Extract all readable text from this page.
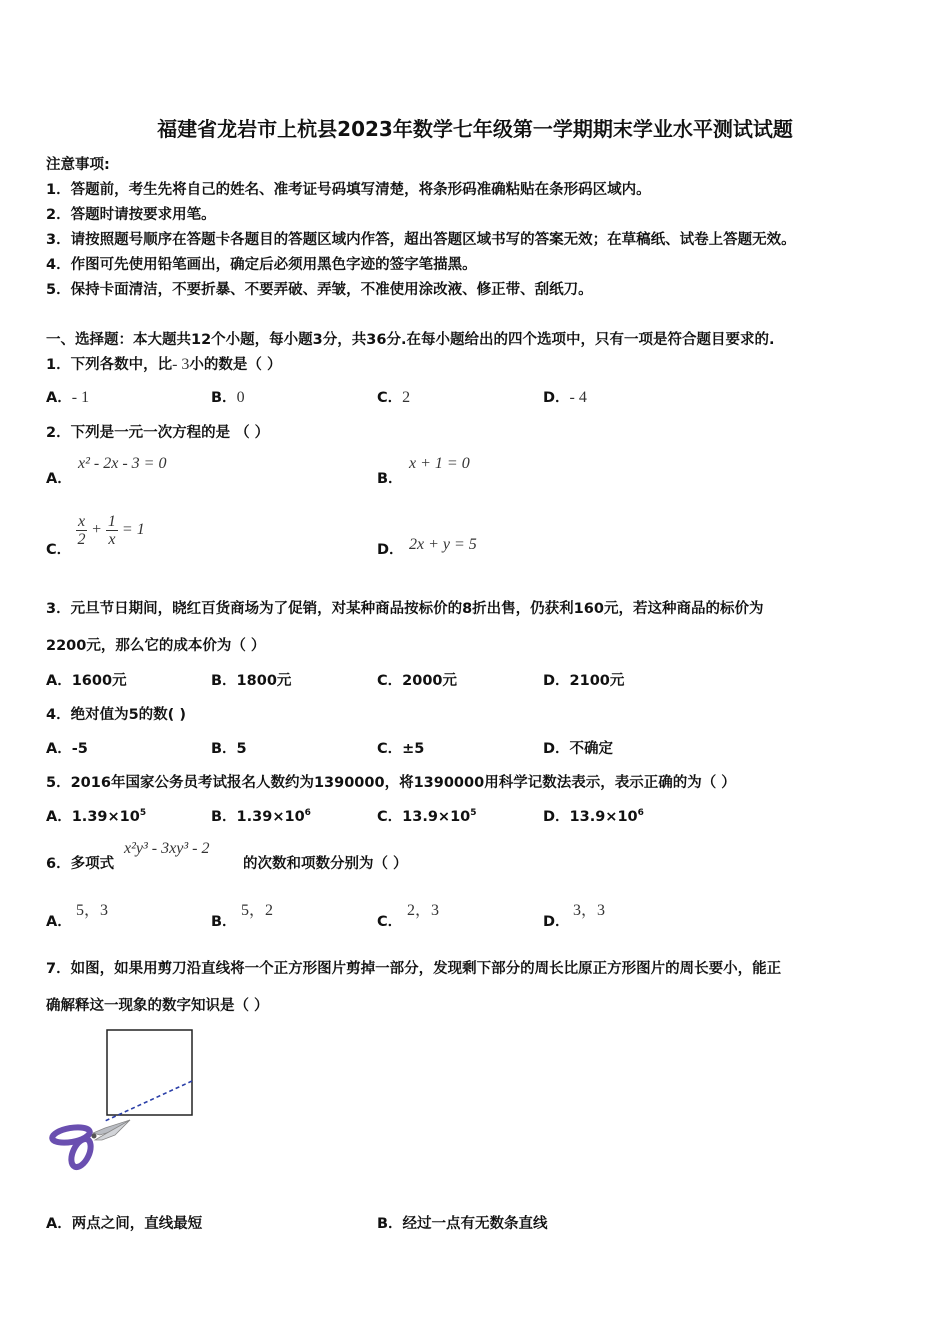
福建省龙岩市上杭县2023年数学七年级第一学期期末学业水平测试试题
注意事项:
1．答题前，考生先将自己的姓名、准考证号码填写清楚，将条形码准确粘贴在条形码区域内。
2．答题时请按要求用笔。
3．请按照题号顺序在答题卡各题目的答题区域内作答，超出答题区域书写的答案无效；在草稿纸、试卷上答题无效。
4．作图可先使用铅笔画出，确定后必须用黑色字迹的签字笔描黑。
5．保持卡面清洁，不要折暴、不要弄破、弄皱，不准使用涂改液、修正带、刮纸刀。
一、选择题：本大题共12个小题，每小题3分，共36分.在每小题给出的四个选项中，只有一项是符合题目要求的.
1．下列各数中，比- 3小的数是（ ）
A．- 1	B．0	C．2	D．- 4
2．下列是一元一次方程的是 （ ）
A．
x² - 2x - 3 = 0
B．
x + 1 = 0
C．
$\frac{x}{2} + \frac{1}{x} = 1$
D． 2x + y = 5
3．元旦节日期间，晓红百货商场为了促销，对某种商品按标价的8折出售，仍获利160元，若这种商品的标价为
2200元，那么它的成本价为（ ）
A．1600元	B．1800元	C．2000元	D．2100元
4．绝对值为5的数( )
A．-5	B．5	C．±5	D．不确定
5．2016年国家公务员考试报名人数约为1390000，将1390000用科学记数法表示，表示正确的为（ ）
A．$1.39\times 10^5$	B．$1.39\times 10^6$	C．$13.9\times 10^5$	D．$13.9\times 10^6$
6．多项式
x²y³ - 3xy³ - 2
的次数和项数分别为（ ）
A．
5，3
B．
5，2
C．
2，3
D．
3，3
7．如图，如果用剪刀沿直线将一个正方形图片剪掉一部分，发现剩下部分的周长比原正方形图片的周长要小，能正
确解释这一现象的数字知识是（ ）
A．两点之间，直线最短	B．经过一点有无数条直线
